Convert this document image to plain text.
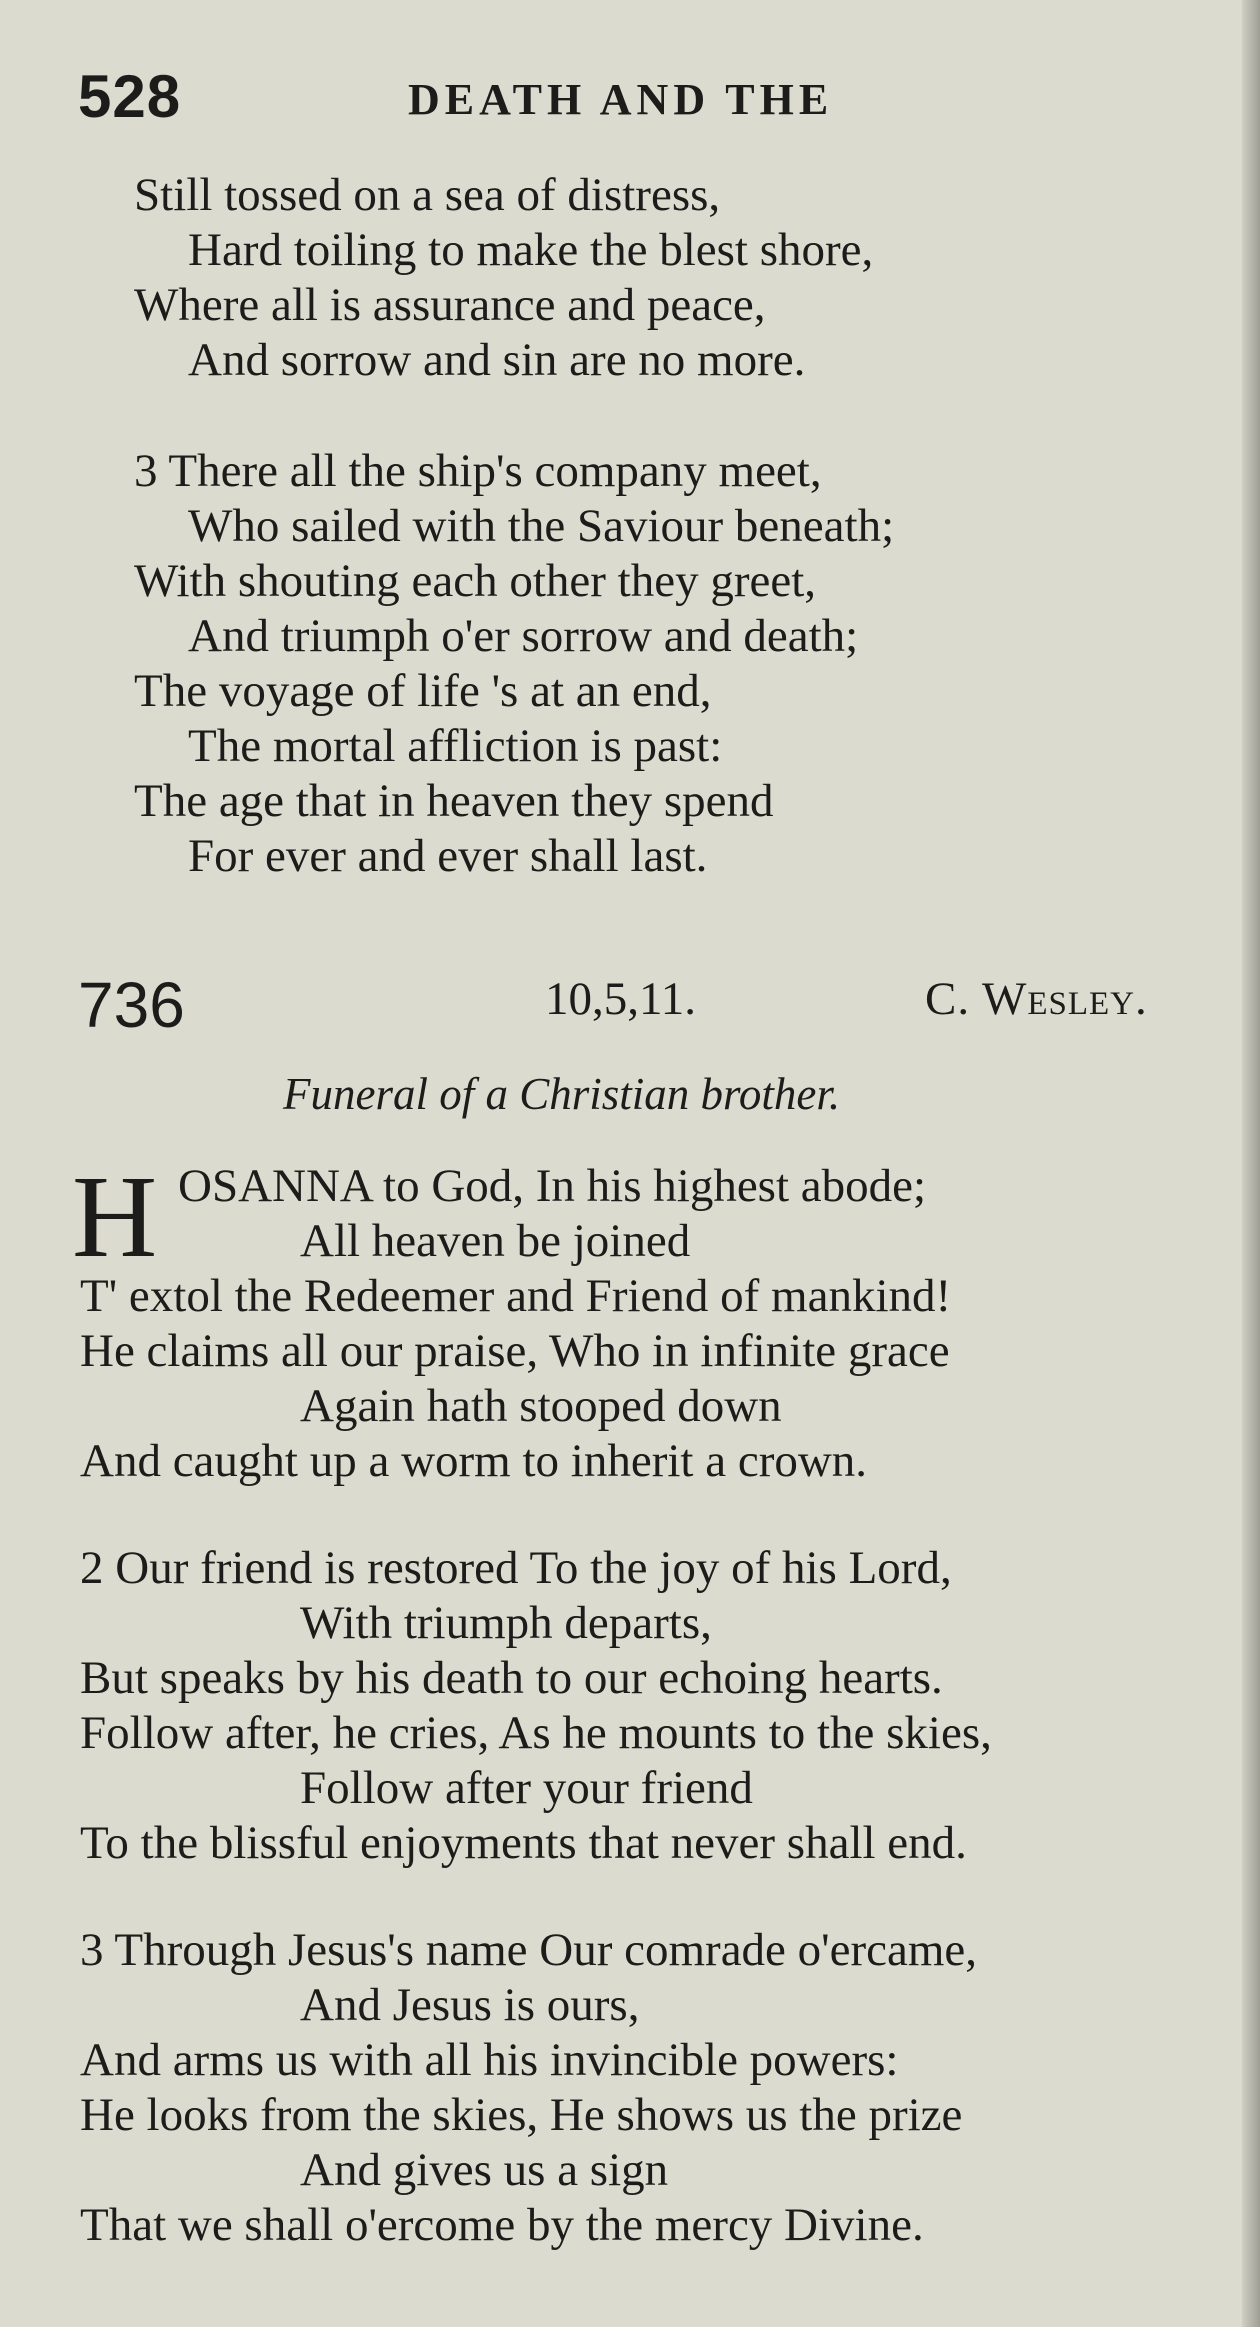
528	DEATH AND THE
Still tossed on a sea of distress,
Hard toiling to make the blest shore,
Where all is assurance and peace,
And sorrow and sin are no more.
3 There all the ship's company meet,
Who sailed with the Saviour beneath;
With shouting each other they greet,
And triumph o'er sorrow and death;
The voyage of life 's at an end,
The mortal affliction is past:
The age that in heaven they spend
For ever and ever shall last.
736	10,5,11.	C. Wesley.
Funeral of a Christian brother.
H OSANNA to God, In his highest abode;
All heaven be joined
T' extol the Redeemer and Friend of mankind!
He claims all our praise, Who in infinite grace
Again hath stooped down
And caught up a worm to inherit a crown.
2 Our friend is restored To the joy of his Lord,
With triumph departs,
But speaks by his death to our echoing hearts.
Follow after, he cries, As he mounts to the skies,
Follow after your friend
To the blissful enjoyments that never shall end.
3 Through Jesus's name Our comrade o'ercame,
And Jesus is ours,
And arms us with all his invincible powers:
He looks from the skies, He shows us the prize
And gives us a sign
That we shall o'ercome by the mercy Divine.
